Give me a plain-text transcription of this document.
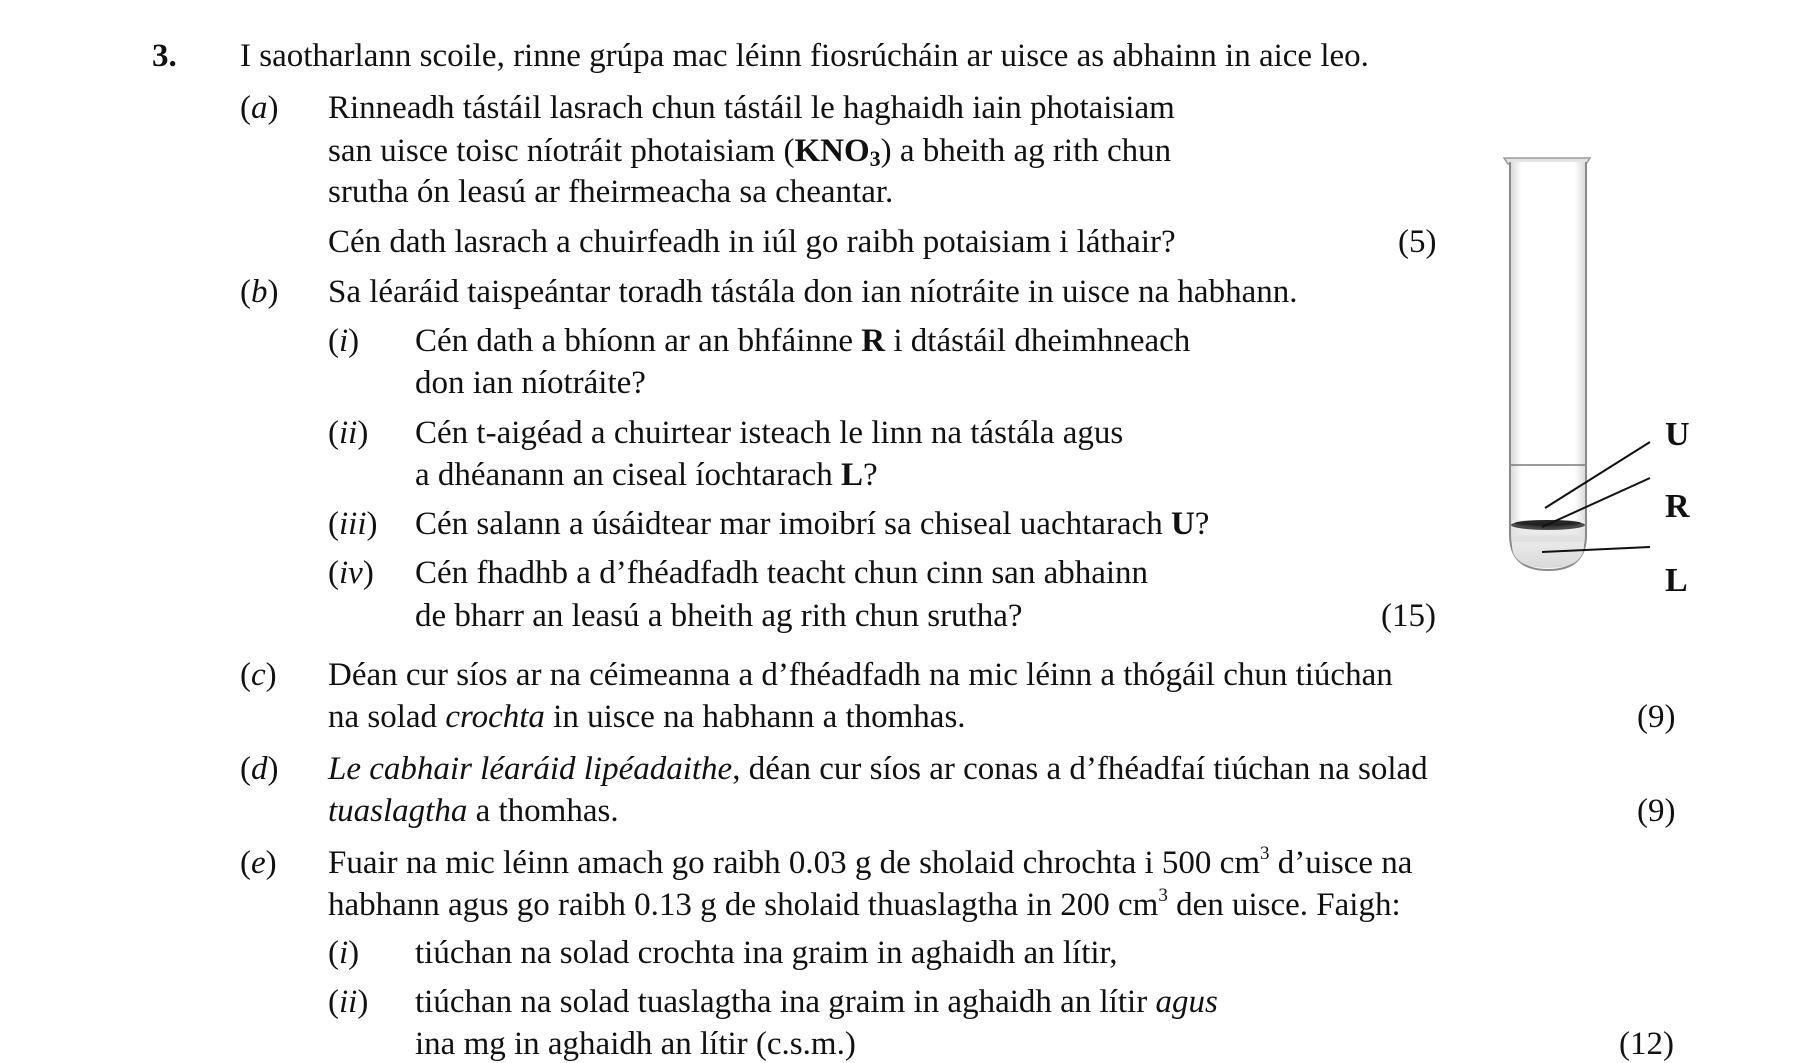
3. I saotharlann scoile, rinne grúpa mac léinn fiosrúcháin ar uisce as abhainn in aice leo.
(a) Rinneadh tástáil lasrach chun tástáil le haghaidh iain photaisiam
san uisce toisc níotráit photaisiam $(KNO_3)$ a bheith ag rith chun
srutha ón leasú ar fheirmeacha sa cheantar.
Cén dath lasrach a chuirfeadh in iúl go raibh potaisiam i láthair?	(5)
(b) Sa léaráid taispeántar toradh tástála don ian níotráite in uisce na habhann.
(i) Cén dath a bhíonn ar an bhfáinne R i dtástáil dheimhneach
don ian níotráite?
(ii) Cén t-aigéad a chuirtear isteach le linn na tástála agus
a dhéanann an ciseal íochtarach L?
(iii) Cén salann a úsáidtear mar imoibrí sa chiseal uachtarach U?
(iv) Cén fhadhb a d’fhéadfadh teacht chun cinn san abhainn
de bharr an leasú a bheith ag rith chun srutha?	(15)
(c) Déan cur síos ar na céimeanna a d’fhéadfadh na mic léinn a thógáil chun tiúchan
na solad crochta in uisce na habhann a thomhas.	(9)
(d) Le cabhair léaráid lipéadaithe, déan cur síos ar conas a d’fhéadfaí tiúchan na solad
tuaslagtha a thomhas.	(9)
(e) Fuair na mic léinn amach go raibh 0.03 g de sholaid chrochta i 500 $cm^3$ d’uisce na
habhann agus go raibh 0.13 g de sholaid thuaslagtha in 200 $cm^3$ den uisce. Faigh:
(i) tiúchan na solad crochta ina graim in aghaidh an lítir,
(ii) tiúchan na solad tuaslagtha ina graim in aghaidh an lítir agus
ina mg in aghaidh an lítir (c.s.m.)	(12)
U
R
L
